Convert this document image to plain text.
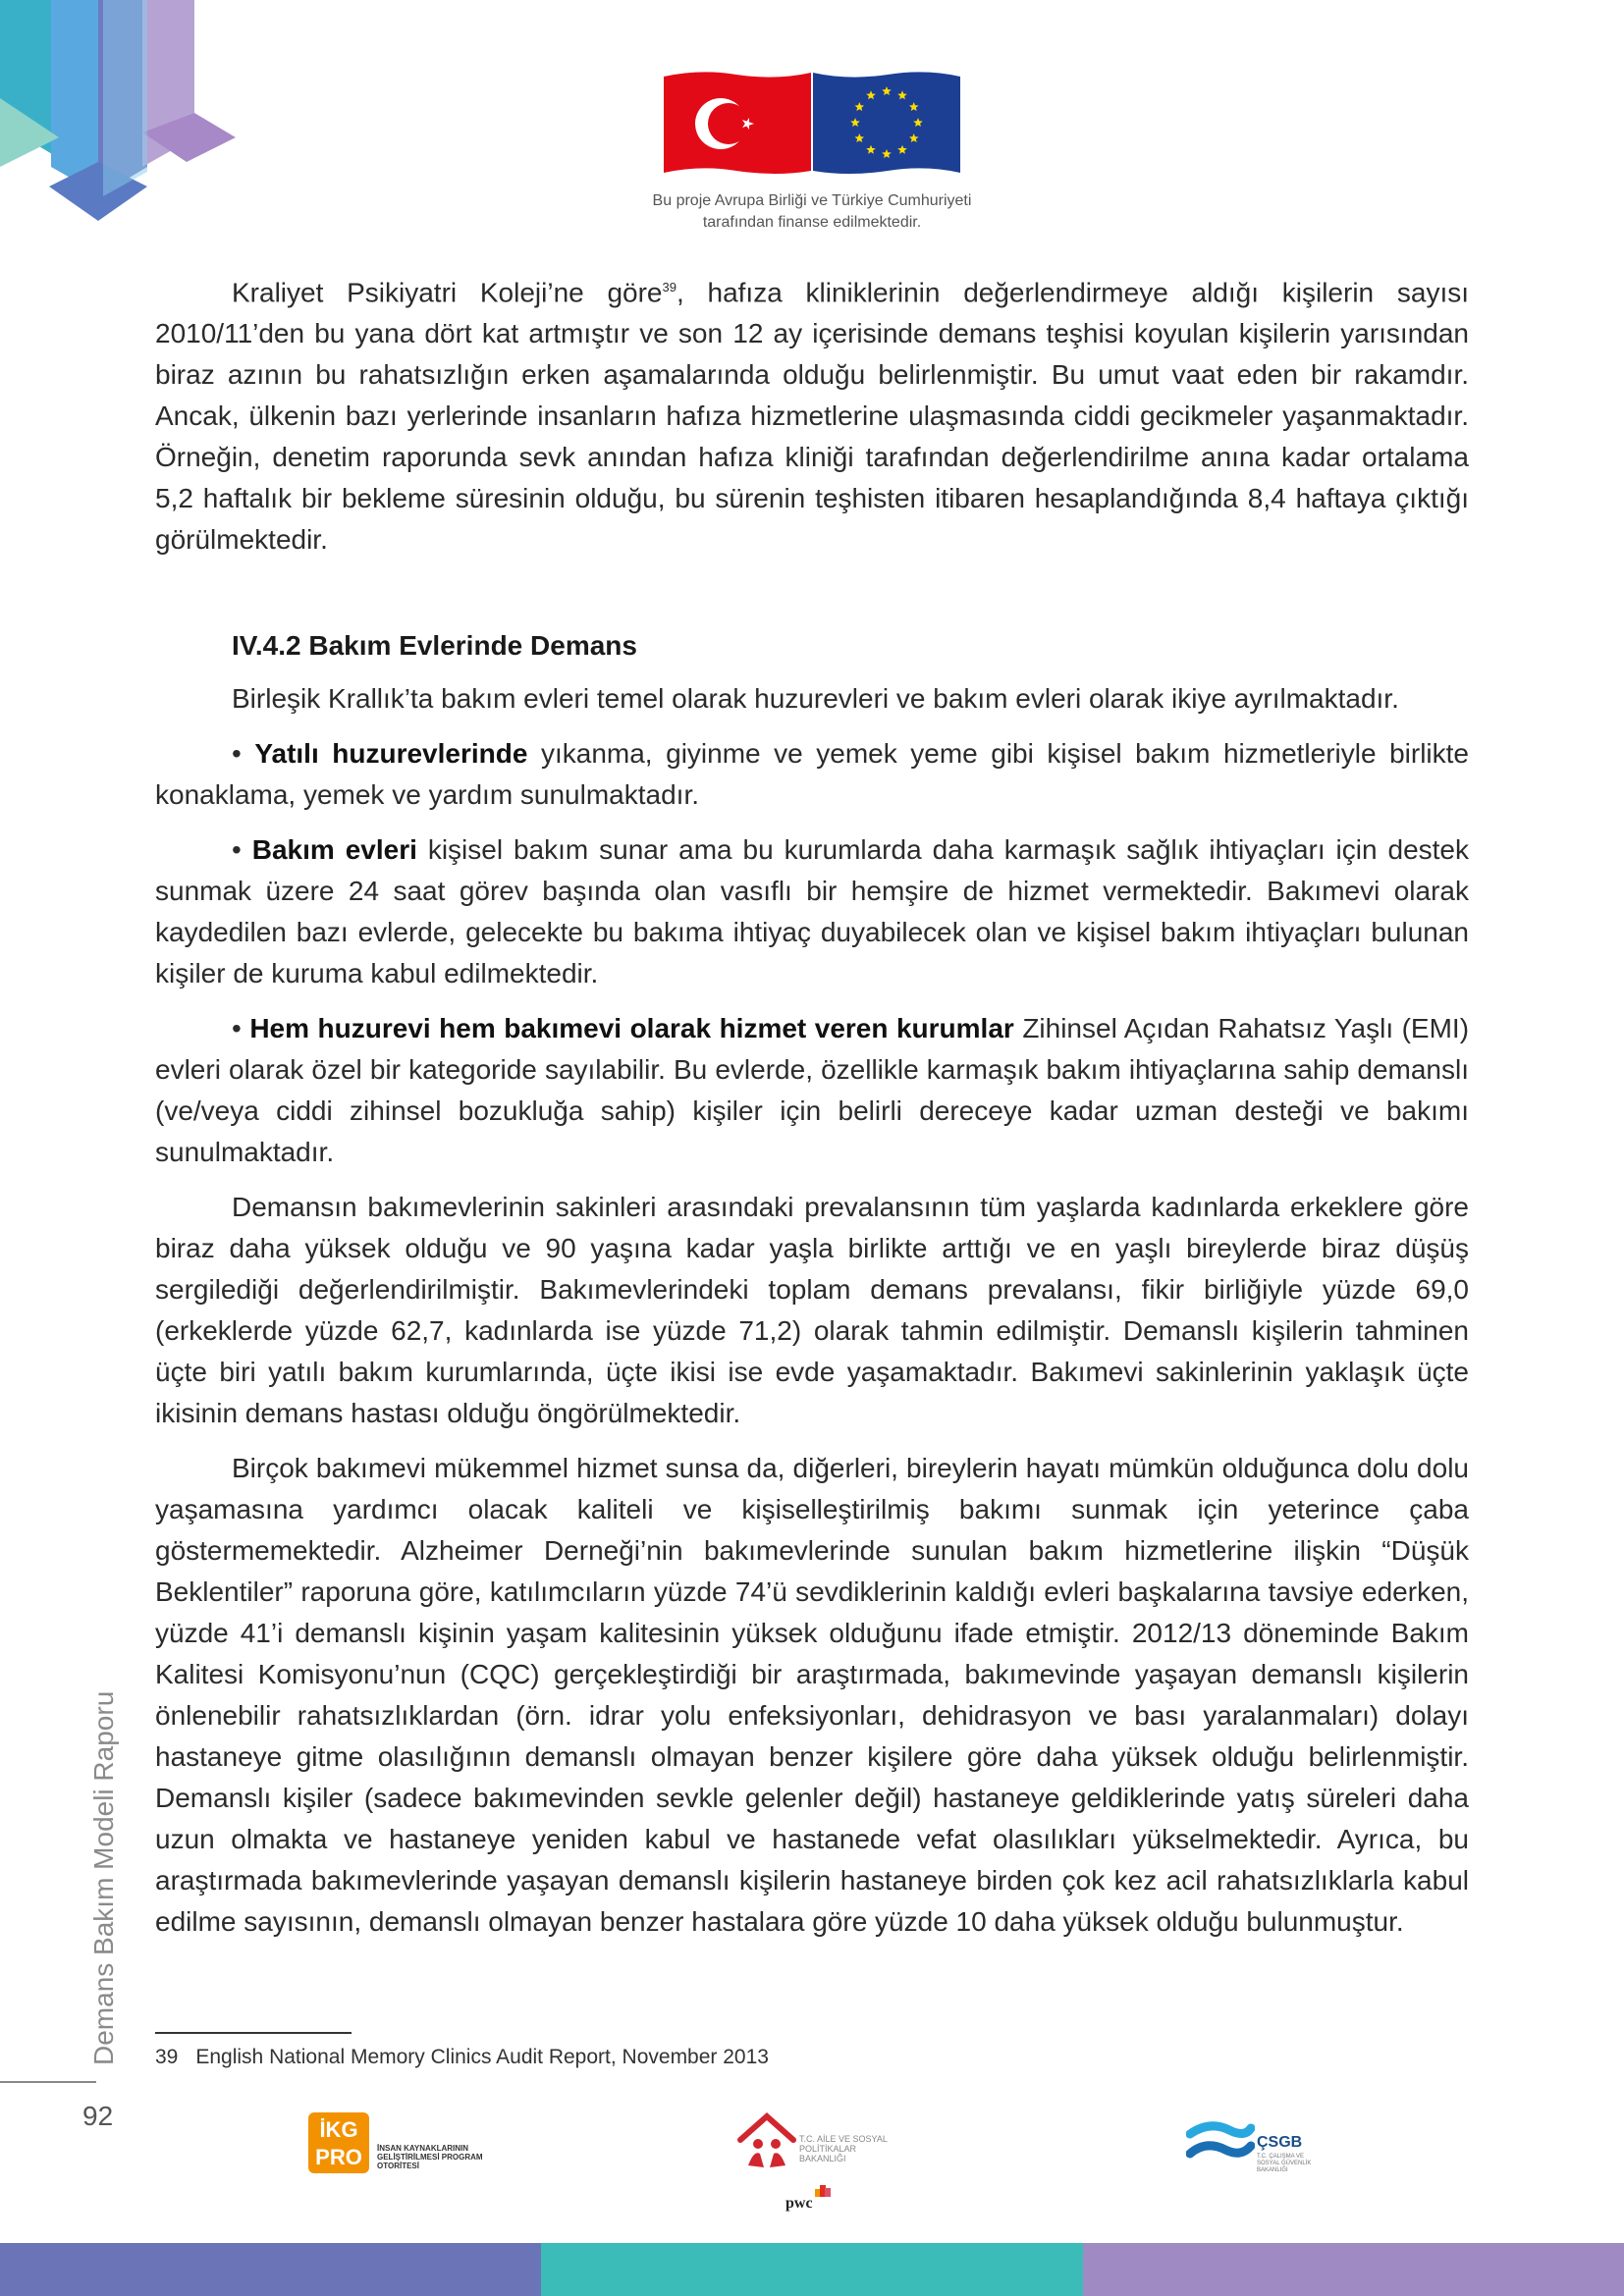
Bu proje Avrupa Birliği ve Türkiye Cumhuriyeti
tarafından finanse edilmektedir.

Kraliyet Psikiyatri Koleji’ne göre$^{39}$, hafıza kliniklerinin değerlendirmeye aldığı kişilerin sayısı 2010/11’den bu yana dört kat artmıştır ve son 12 ay içerisinde demans teşhisi koyulan kişilerin yarısından biraz azının bu rahatsızlığın erken aşamalarında olduğu belirlenmiştir. Bu umut vaat eden bir rakamdır. Ancak, ülkenin bazı yerlerinde insanların hafıza hizmetlerine ulaşmasında ciddi gecikmeler yaşanmaktadır. Örneğin, denetim raporunda sevk anından hafıza kliniği tarafından değerlendirilme anına kadar ortalama 5,2 haftalık bir bekleme süresinin olduğu, bu sürenin teşhisten itibaren hesaplandığında 8,4 haftaya çıktığı görülmektedir.

IV.4.2 Bakım Evlerinde Demans

Birleşik Krallık’ta bakım evleri temel olarak huzurevleri ve bakım evleri olarak ikiye ayrılmaktadır.

• Yatılı huzurevlerinde yıkanma, giyinme ve yemek yeme gibi kişisel bakım hizmetleriyle birlikte konaklama, yemek ve yardım sunulmaktadır.

• Bakım evleri kişisel bakım sunar ama bu kurumlarda daha karmaşık sağlık ihtiyaçları için destek sunmak üzere 24 saat görev başında olan vasıflı bir hemşire de hizmet vermektedir. Bakımevi olarak kaydedilen bazı evlerde, gelecekte bu bakıma ihtiyaç duyabilecek olan ve kişisel bakım ihtiyaçları bulunan kişiler de kuruma kabul edilmektedir.

• Hem huzurevi hem bakımevi olarak hizmet veren kurumlar Zihinsel Açıdan Rahatsız Yaşlı (EMI) evleri olarak özel bir kategoride sayılabilir. Bu evlerde, özellikle karmaşık bakım ihtiyaçlarına sahip demanslı (ve/veya ciddi zihinsel bozukluğa sahip) kişiler için belirli dereceye kadar uzman desteği ve bakımı sunulmaktadır.

Demansın bakımevlerinin sakinleri arasındaki prevalansının tüm yaşlarda kadınlarda erkeklere göre biraz daha yüksek olduğu ve 90 yaşına kadar yaşla birlikte arttığı ve en yaşlı bireylerde biraz düşüş sergilediği değerlendirilmiştir. Bakımevlerindeki toplam demans prevalansı, fikir birliğiyle yüzde 69,0 (erkeklerde yüzde 62,7, kadınlarda ise yüzde 71,2) olarak tahmin edilmiştir. Demanslı kişilerin tahminen üçte biri yatılı bakım kurumlarında, üçte ikisi ise evde yaşamaktadır. Bakımevi sakinlerinin yaklaşık üçte ikisinin demans hastası olduğu öngörülmektedir.

Birçok bakımevi mükemmel hizmet sunsa da, diğerleri, bireylerin hayatı mümkün olduğunca dolu dolu yaşamasına yardımcı olacak kaliteli ve kişiselleştirilmiş bakımı sunmak için yeterince çaba göstermemektedir. Alzheimer Derneği’nin bakımevlerinde sunulan bakım hizmetlerine ilişkin “Düşük Beklentiler” raporuna göre, katılımcıların yüzde 74’ü sevdiklerinin kaldığı evleri başkalarına tavsiye ederken, yüzde 41’i demanslı kişinin yaşam kalitesinin yüksek olduğunu ifade etmiştir. 2012/13 döneminde Bakım Kalitesi Komisyonu’nun (CQC) gerçekleştirdiği bir araştırmada, bakımevinde yaşayan demanslı kişilerin önlenebilir rahatsızlıklardan (örn. idrar yolu enfeksiyonları, dehidrasyon ve bası yaralanmaları) dolayı hastaneye gitme olasılığının demanslı olmayan benzer kişilere göre daha yüksek olduğu belirlenmiştir. Demanslı kişiler (sadece bakımevinden sevkle gelenler değil) hastaneye geldiklerinde yatış süreleri daha uzun olmakta ve hastaneye yeniden kabul ve hastanede vefat olasılıkları yükselmektedir. Ayrıca, bu araştırmada bakımevlerinde yaşayan demanslı kişilerin hastaneye birden çok kez acil rahatsızlıklarla kabul edilme sayısının, demanslı olmayan benzer hastalara göre yüzde 10 daha yüksek olduğu bulunmuştur.

39 English National Memory Clinics Audit Report, November 2013
Demans Bakım Modeli Raporu
92	İKG
PRO	İNSAN KAYNAKLARININ GELİŞTİRİLMESİ PROGRAM OTORİTESİ
T.C. AİLE VE SOSYAL POLİTİKALAR BAKANLIĞI
pwc
ÇSGB
T.C. ÇALIŞMA VE SOSYAL GÜVENLİK BAKANLIĞI
